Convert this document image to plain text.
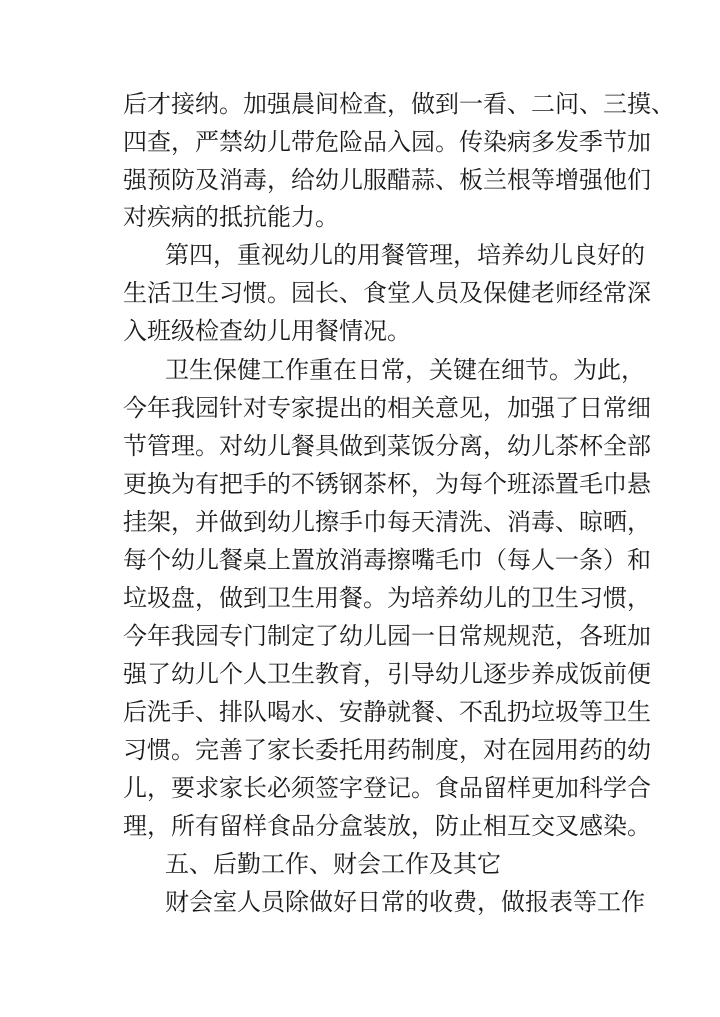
后才接纳。加强晨间检查，做到一看、二问、三摸、
四查，严禁幼儿带危险品入园。传染病多发季节加
强预防及消毒，给幼儿服醋蒜、板兰根等增强他们
对疾病的抵抗能力。
第四，重视幼儿的用餐管理，培养幼儿良好的
生活卫生习惯。园长、食堂人员及保健老师经常深
入班级检查幼儿用餐情况。
卫生保健工作重在日常，关键在细节。为此，
今年我园针对专家提出的相关意见，加强了日常细
节管理。对幼儿餐具做到菜饭分离，幼儿茶杯全部
更换为有把手的不锈钢茶杯，为每个班添置毛巾悬
挂架，并做到幼儿擦手巾每天清洗、消毒、晾晒，
每个幼儿餐桌上置放消毒擦嘴毛巾（每人一条）和
垃圾盘，做到卫生用餐。为培养幼儿的卫生习惯，
今年我园专门制定了幼儿园一日常规规范，各班加
强了幼儿个人卫生教育，引导幼儿逐步养成饭前便
后洗手、排队喝水、安静就餐、不乱扔垃圾等卫生
习惯。完善了家长委托用药制度，对在园用药的幼
儿，要求家长必须签字登记。食品留样更加科学合
理，所有留样食品分盒装放，防止相互交叉感染。
五、后勤工作、财会工作及其它
财会室人员除做好日常的收费，做报表等工作
